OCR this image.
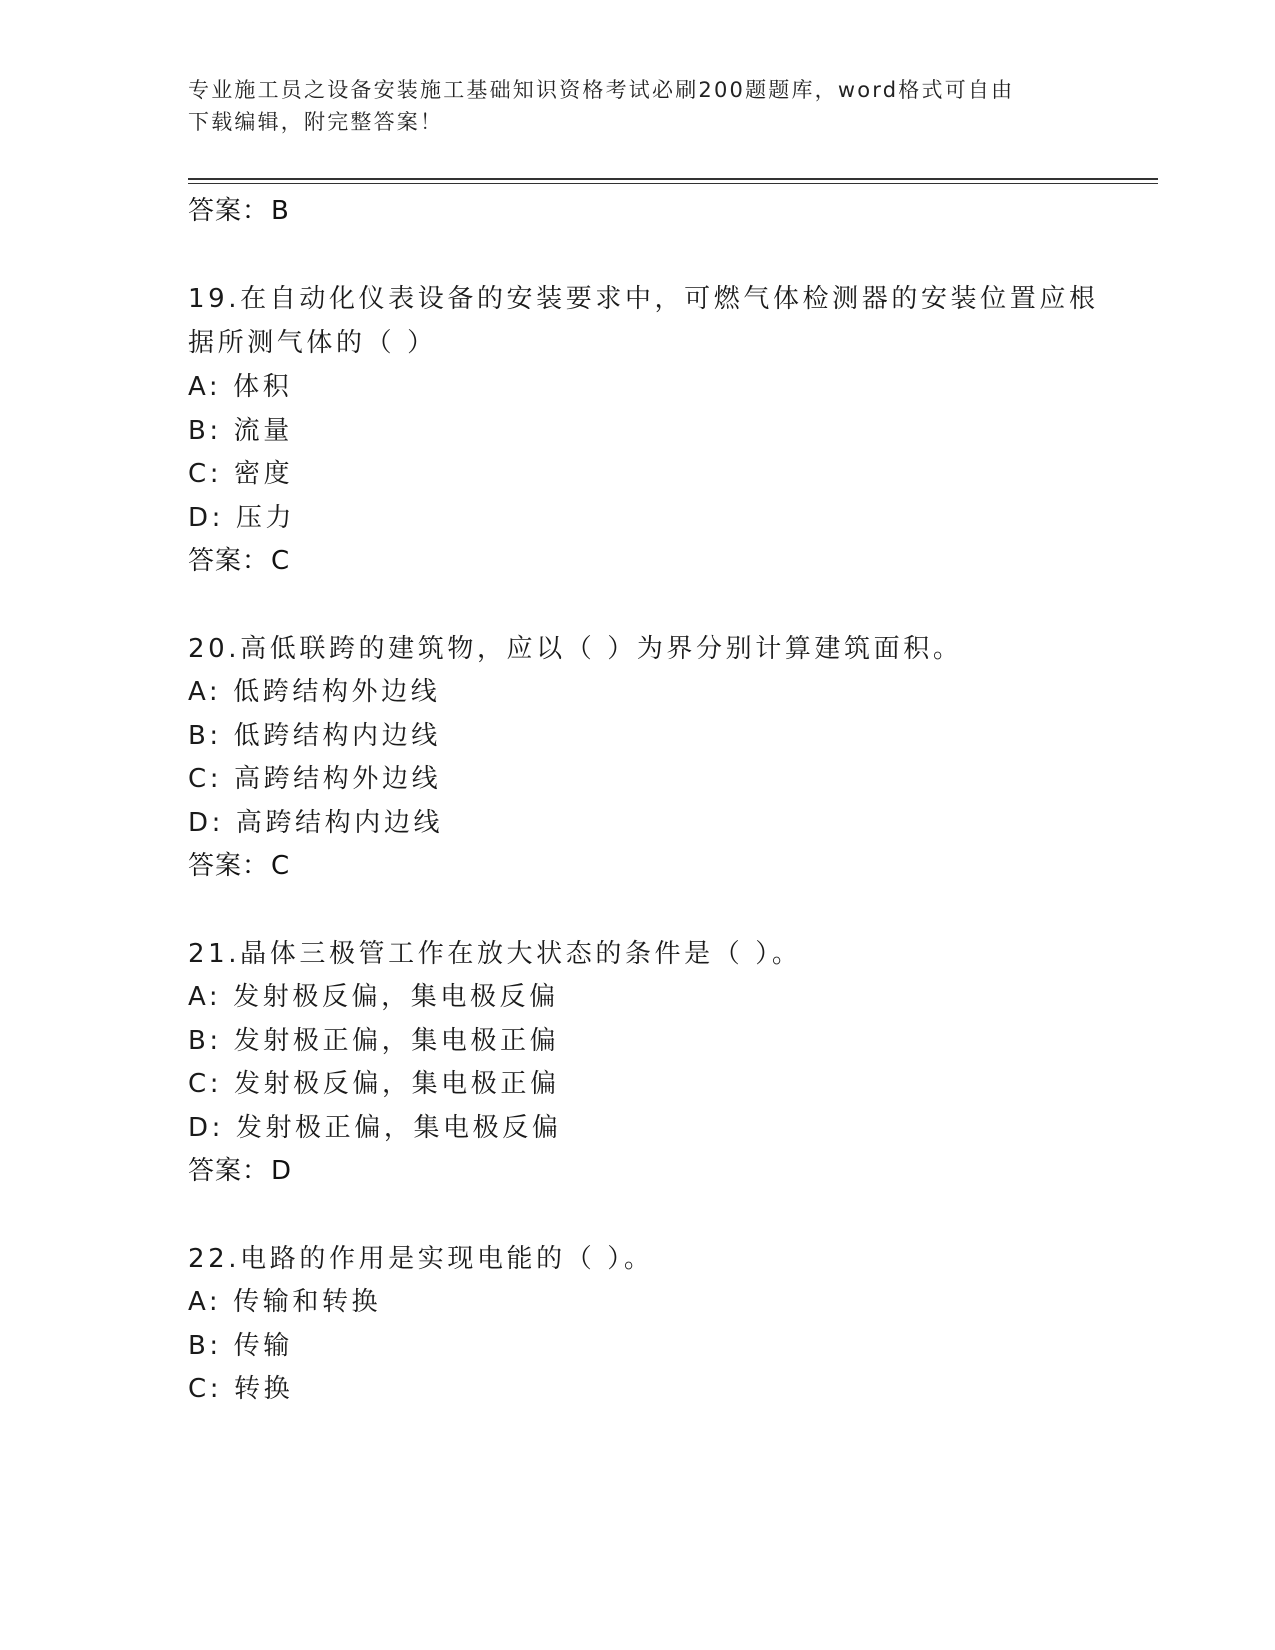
专业施工员之设备安装施工基础知识资格考试必刷200题题库，word格式可自由
下载编辑，附完整答案！
答案：B
19.在自动化仪表设备的安装要求中，可燃气体检测器的安装位置应根
据所测气体的（ ）
A: 体积
B: 流量
C: 密度
D: 压力
答案：C
20.高低联跨的建筑物，应以（ ）为界分别计算建筑面积。
A: 低跨结构外边线
B: 低跨结构内边线
C: 高跨结构外边线
D: 高跨结构内边线
答案：C
21.晶体三极管工作在放大状态的条件是（ ）。
A: 发射极反偏，集电极反偏
B: 发射极正偏，集电极正偏
C: 发射极反偏，集电极正偏
D: 发射极正偏，集电极反偏
答案：D
22.电路的作用是实现电能的（ ）。
A: 传输和转换
B: 传输
C: 转换
